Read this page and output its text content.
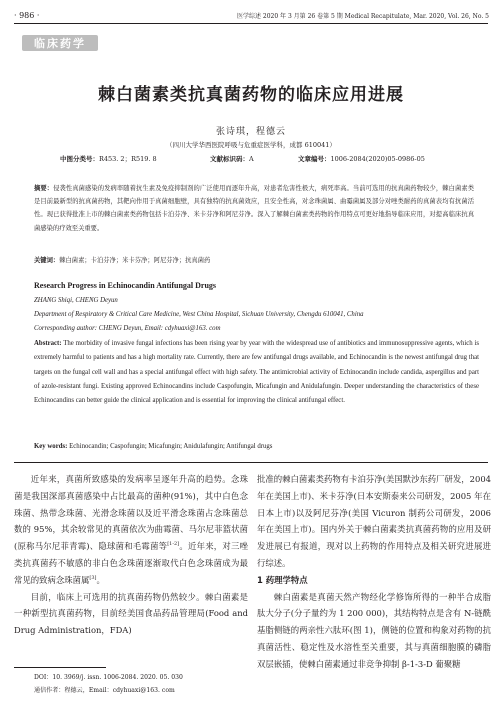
· 986 ·	医学综述 2020 年 3 月第 26 卷第 5 期 Medical Recapitulate, Mar. 2020, Vol. 26, No. 5
临床药学
棘白菌素类抗真菌药物的临床应用进展
张诗琪，程德云
（四川大学华西医院呼吸与危重症医学科，成都 610041）
中图分类号：R453. 2；R519. 8	文献标识码：A	文章编号：1006-2084(2020)05-0986-05
摘要：侵袭性真菌感染的发病率随着抗生素及免疫抑制剂的广泛使用而逐年升高，对患者危害性极大，病死率高。当前可选用的抗真菌药物较少，棘白菌素类是目前最新型的抗真菌药物，其靶向作用于真菌细胞壁，具有独特的抗真菌效应，且安全性高，对念珠菌属、曲霉菌属及部分对唑类耐药的真菌表均有抗菌活性。现已获得批准上市的棘白菌素类药物包括卡泊芬净、米卡芬净和阿尼芬净。深入了解棘白菌素类药物的作用特点可更好地指导临床应用，对提高临床抗真菌感染的疗效至关重要。
关键词：棘白菌素；卡泊芬净；米卡芬净；阿尼芬净；抗真菌药
Research Progress in Echinocandin Antifungal Drugs
ZHANG Shiqi, CHENG Deyun
Department of Respiratory & Critical Care Medicine, West China Hospital, Sichuan University, Chengdu 610041, China
Corresponding author: CHENG Deyun, Email: cdyhuaxi@163. com
Abstract: The morbidity of invasive fungal infections has been rising year by year with the widespread use of antibiotics and immunosuppressive agents, which is extremely harmful to patients and has a high mortality rate. Currently, there are few antifungal drugs available, and Echinocandin is the newest antifungal drug that targets on the fungal cell wall and has a special antifungal effect with high safety. The antimicrobial activity of Echinocandin include candida, aspergillus and part of azole-resistant fungi. Existing approved Echinocandins include Caspofungin, Micafungin and Anidulafungin. Deeper understanding the characteristics of these Echinocandins can better guide the clinical application and is essential for improving the clinical antifungal effect.
Key words: Echinocandin; Caspofungin; Micafungin; Anidulafungin; Antifungal drugs

近年来，真菌所致感染的发病率呈逐年升高的趋势。念珠菌是我国深部真菌感染中占比最高的菌种(91%)，其中白色念珠菌、热带念珠菌、光滑念珠菌以及近平滑念珠菌占念珠菌总数的 95%，其余较常见的真菌依次为曲霉菌、马尔尼菲篮状菌(原称马尔尼菲青霉)、隐球菌和毛霉菌等[1-2]。近年来，对三唑类抗真菌药不敏感的非白色念珠菌逐渐取代白色念珠菌成为最常见的致病念珠菌属[3]。

目前，临床上可选用的抗真菌药物仍然较少。棘白菌素是一种新型抗真菌药物，目前经美国食品药品管理局(Food and Drug Administration，FDA)

批准的棘白菌素类药物有卡泊芬净(美国默沙东药厂研发，2004 年在美国上市)、米卡芬净(日本安斯泰来公司研发，2005 年在日本上市)以及阿尼芬净(美国 Vicuron 制药公司研发，2006 年在美国上市)。国内外关于棘白菌素类抗真菌药物的应用及研发进展已有报道，现对以上药物的作用特点及相关研究进展进行综述。

1 药理学特点

棘白菌素是真菌天然产物经化学修饰所得的一种半合成脂肽大分子(分子量约为 1 200 000)，其结构特点是含有 N-链酰基脂侧链的两亲性六肽环(图 1)，侧链的位置和构象对药物的抗真菌活性、稳定性及水溶性至关重要，其与真菌细胞膜的磷脂双层嵌插，使棘白菌素通过非竞争抑制 β-1-3-D 葡聚糖

DOI：10. 3969/j. issn. 1006-2084. 2020. 05. 030
通信作者：程德云，Email：cdyhuaxi@163. com
